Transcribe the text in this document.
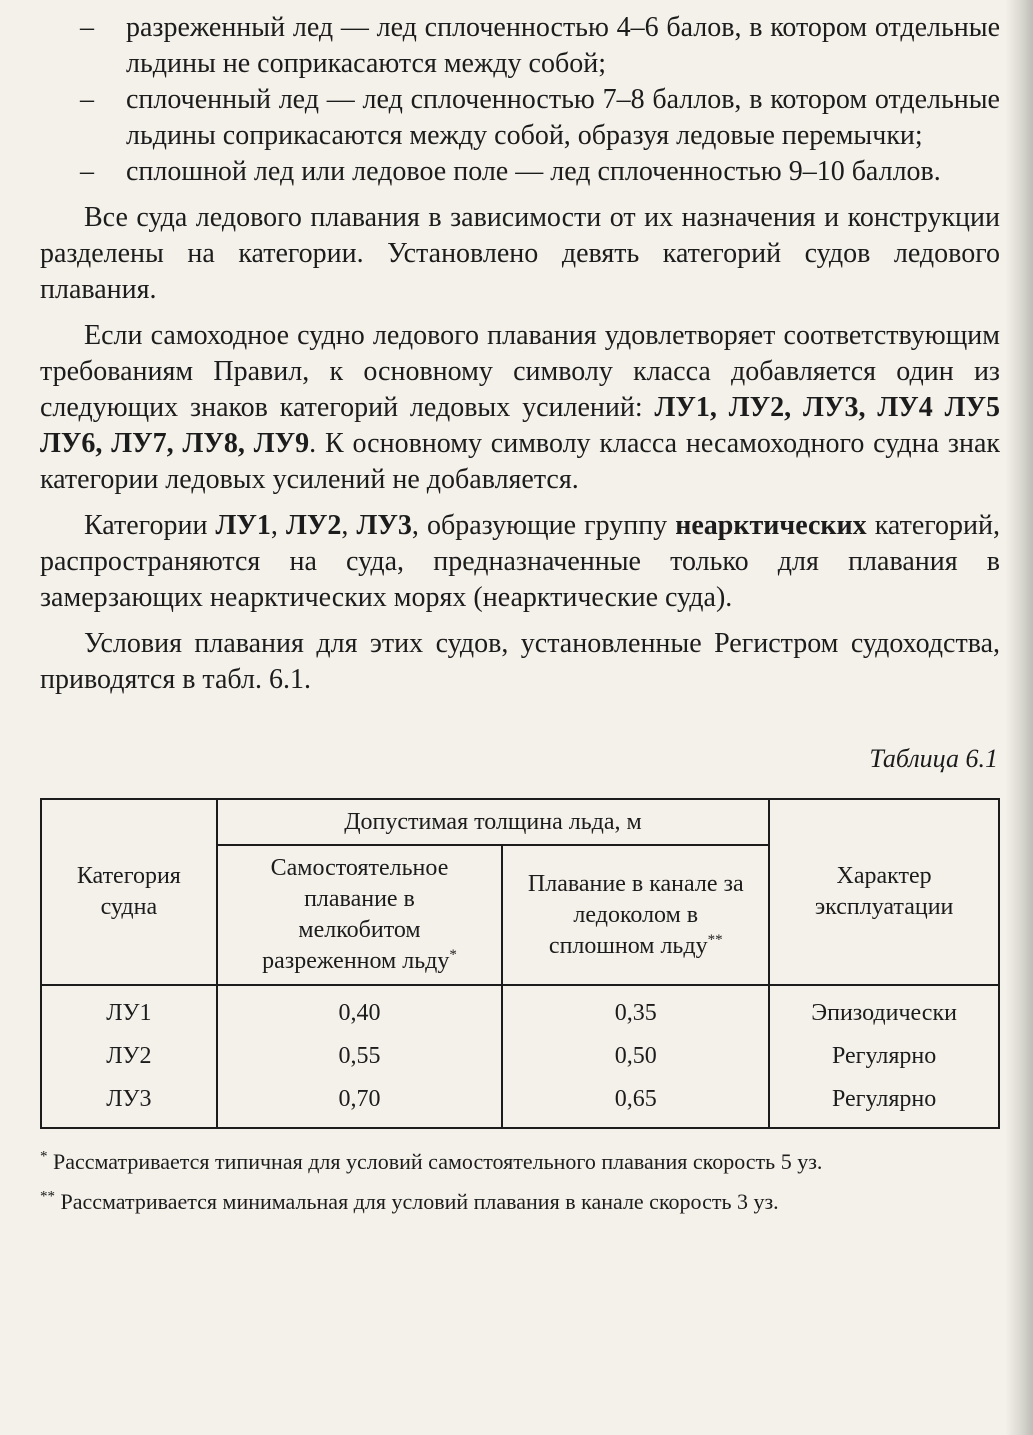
– разреженный лед — лед сплоченностью 4–6 балов, в котором отдельные льдины не соприкасаются между собой;
– сплоченный лед — лед сплоченностью 7–8 баллов, в котором отдельные льдины соприкасаются между собой, образуя ледовые перемычки;
– сплошной лед или ледовое поле — лед сплоченностью 9–10 баллов.

Все суда ледового плавания в зависимости от их назначения и конструкции разделены на категории. Установлено девять категорий судов ледового плавания.

Если самоходное судно ледового плавания удовлетворяет соответствующим требованиям Правил, к основному символу класса добавляется один из следующих знаков категорий ледовых усилений: ЛУ1, ЛУ2, ЛУ3, ЛУ4 ЛУ5 ЛУ6, ЛУ7, ЛУ8, ЛУ9. К основному символу класса несамоходного судна знак категории ледовых усилений не добавляется.

Категории ЛУ1, ЛУ2, ЛУ3, образующие группу неарктических категорий, распространяются на суда, предназначенные только для плавания в замерзающих неарктических морях (неарктические суда).

Условия плавания для этих судов, установленные Регистром судоходства, приводятся в табл. 6.1.

Таблица 6.1
Категория судна	Допустимая толщина льда, м		Характер эксплуатации
	Самостоятельное плавание в мелкобитом разреженном льду*	Плавание в канале за ледоколом в сплошном льду**
ЛУ1	0,40	0,35	Эпизодически
ЛУ2	0,55	0,50	Регулярно
ЛУ3	0,70	0,65	Регулярно

* Рассматривается типичная для условий самостоятельного плавания скорость 5 уз.

** Рассматривается минимальная для условий плавания в канале скорость 3 уз.
